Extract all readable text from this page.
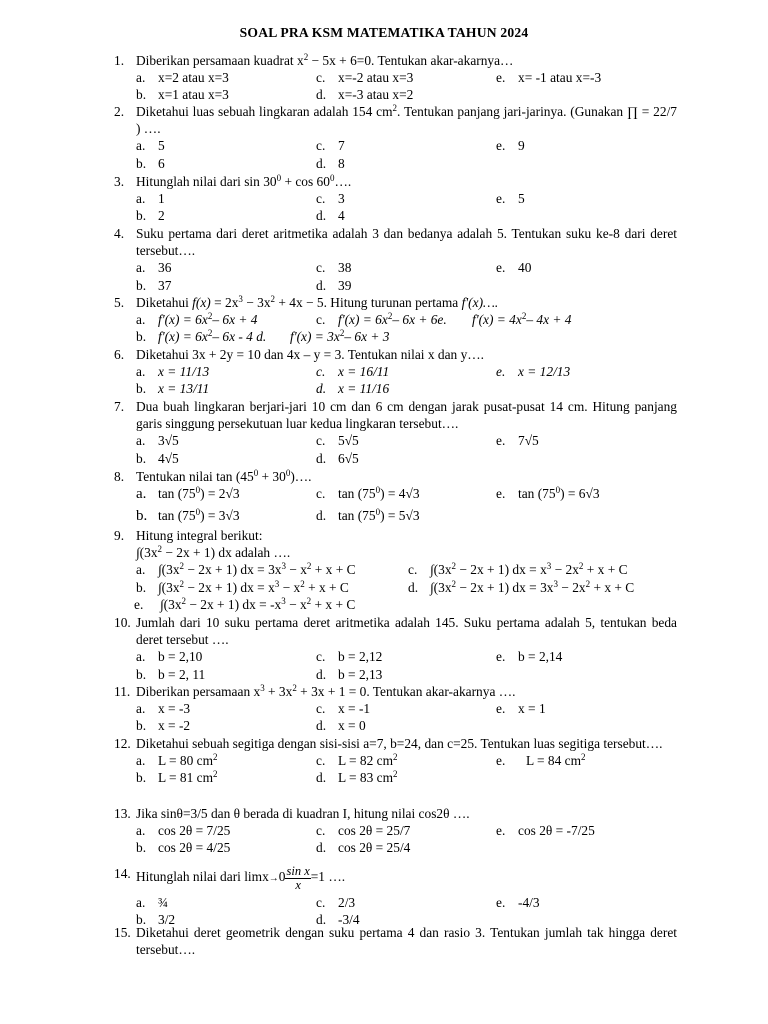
SOAL PRA KSM MATEMATIKA TAHUN 2024
1. Diberikan persamaan kuadrat $x^2 - 5x + 6=0$. Tentukan akar-akarnya…
a. x=2 atau x=3	c. x=-2 atau x=3	e. x= -1 atau x=-3
b. x=1 atau x=3	d. x=-3 atau x=2
2. Diketahui luas sebuah lingkaran adalah 154 $cm^2$. Tentukan panjang jari-jarinya. (Gunakan ∏ = 22/7 ) ….
a. 5	c. 7	e. 9
b. 6	d. 8
3. Hitunglah nilai dari $\sin 30^0 + \cos$ $60^0\dots$.
a. 1	c. 3	e. 5
b. 2	d. 4
4. Suku pertama dari deret aritmetika adalah 3 dan bedanya adalah 5. Tentukan suku ke-8 dari deret tersebut….
a. 36	c. 38	e. 40
b. 37	d. 39
5. Diketahui $f(x) = 2x^3 - 3x^2 + 4x - 5$. Hitung turunan pertama f'(x)….
a. $f'(x) = 6x^2-$ 6x + 4	c. $f'(x) = 6x^2-$ 6x + 6e. $f'(x) = 4x^2-$ 4x + 4
b. $f'(x) = 6x^2-$ 6x - 4 d. $f'(x) = 3x^2-$ 6x + 3
6. Diketahui 3x + 2y = 10 dan 4x – y = 3. Tentukan nilai x dan y….
a. x = 11/13	c. x = 16/11	e. x = 12/13
b. x = 13/11	d. x = 11/16
7. Dua buah lingkaran berjari-jari 10 cm dan 6 cm dengan jarak pusat-pusat 14 cm. Hitung panjang garis singgung persekutuan luar kedua lingkaran tersebut….
a. 3√5	c. 5√5	e. 7√5
b. 4√5	d. 6√5
8. Tentukan nilai $\tan (45^0$ + $30^0)\dots$.
a. $\tan (75^0) = 2√3$	c. $\tan (75^0) = 4√3$	e. $\tan (75^0) = 6√3$
b. $\tan (75^0) = 3√3$	d. $\tan (75^0) = 5√3$
9. Hitung integral berikut:
$\int(3x^2 - 2x + 1)$ dx adalah ….
a. $\int(3x^2 - 2x + 1)$ dx = $3x^3 - x^2 + x + C$	c. $\int(3x^2 - 2x + 1)$ dx = $x^3 - 2x^2 + x + C$
b. $\int(3x^2 - 2x + 1)$ dx = $x^3 - x^2 + x + C$	d. $\int(3x^2 - 2x + 1)$ dx = $3x^3 - 2x^2 + x + C$
e. $\int(3x^2 - 2x + 1)$ dx = $-x^3 - x^2 + x + C$
10. Jumlah dari 10 suku pertama deret aritmetika adalah 145. Suku pertama adalah 5, tentukan beda deret tersebut ….
a. b = 2,10	c. b = 2,12	e. b = 2,14
b. b = 2, 11	d. b = 2,13
11. Diberikan persamaan $x^3 + 3x^2 + 3x + 1 = 0$. Tentukan akar-akarnya ….
a. x = -3	c. x = -1	e. x = 1
b. x = -2	d. x = 0
12. Diketahui sebuah segitiga dengan sisi-sisi a=7, b=24, dan c=25. Tentukan luas segitiga tersebut….
a. L = 80 $cm^2$	c. L = 82 $cm^2$	e. L = 84 $cm^2$
b. L = 81 $cm^2$	d. L = 83 $cm^2$
13. Jika sinθ=3/5 dan θ berada di kuadran I, hitung nilai cos2θ ….
a. cos 2θ = 7/25	c. cos 2θ = 25/7	e. cos 2θ = -7/25
b. cos 2θ = 4/25	d. cos 2θ = 25/4
14. Hitunglah nilai dari $\lim x\to 0 \frac{\text{sin x}}{x} =1$ ….
a. ¾	c. 2/3	e. -4/3
b. 3/2	d. -3/4
15. Diketahui deret geometrik dengan suku pertama 4 dan rasio 3. Tentukan jumlah tak hingga deret tersebut….
